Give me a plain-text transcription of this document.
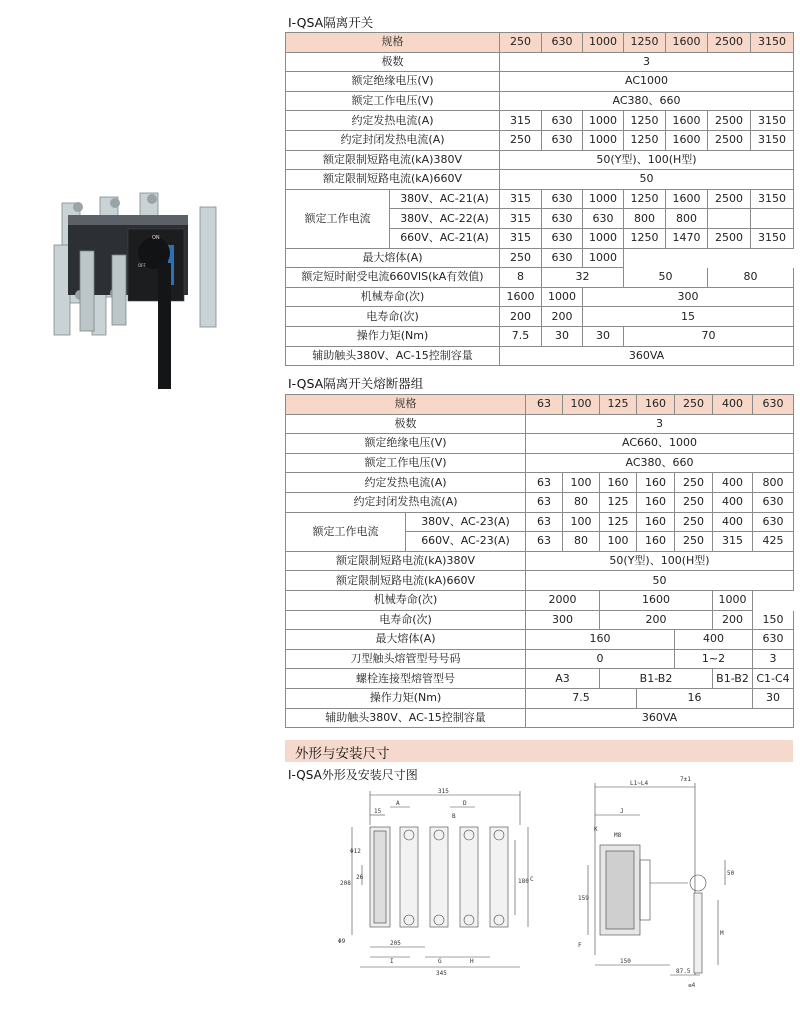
ON
OFF
I-QSA隔离开关
规格		250	630	1000	1250	1600	2500	3150
极数		3						
额定绝缘电压(V)		AC1000						
额定工作电压(V)		AC380、660						
约定发热电流(A)		315	630	1000	1250	1600	2500	3150
约定封闭发热电流(A)		250	630	1000	1250	1600	2500	3150
额定限制短路电流(kA)380V		50(Y型)、100(H型)						
额定限制短路电流(kA)660V		50						
额定工作电流	380V、AC-21(A)	315	630	1000	1250	1600	2500	3150
	380V、AC-22(A)	315	630	630	800	800		
	660V、AC-21(A)	315	630	1000	1250	1470	2500	3150
最大熔体(A)		250	630	1000				
额定短时耐受电流660VIS(kA有效值)		8	32		50		80	
机械寿命(次)		1600	1000	300				
电寿命(次)		200	200	15				
操作力矩(Nm)		7.5	30	30	70			
辅助触头380V、AC-15控制容量		360VA						
I-QSA隔离开关熔断器组
规格		63	100	125	160	250	400	630
极数		3						
额定绝缘电压(V)		AC660、1000						
额定工作电压(V)		AC380、660						
约定发热电流(A)		63	100	160	160	250	400	800
约定封闭发热电流(A)		63	80	125	160	250	400	630
额定工作电流	380V、AC-23(A)	63	100	125	160	250	400	630
	660V、AC-23(A)	63	80	100	160	250	315	425
额定限制短路电流(kA)380V		50(Y型)、100(H型)						
额定限制短路电流(kA)660V		50						
机械寿命(次)		2000		1600			1000	
电寿命(次)		300		200			200	150
最大熔体(A)		160				400		630
刀型触头熔管型号号码		0				1~2		3
螺栓连接型熔管型号		A3		B1-B2			B1-B2	C1-C4
操作力矩(Nm)		7.5			16			30
辅助触头380V、AC-15控制容量		360VA						
外形与安装尺寸
I-QSA外形及安装尺寸图
315
15
A
B
D
Φ12
208
26
180 C
Φ9	205
I	G	H
345
L1~L4
7±1
J
K
M8
159
50
M
F
150
87.5
≤4
